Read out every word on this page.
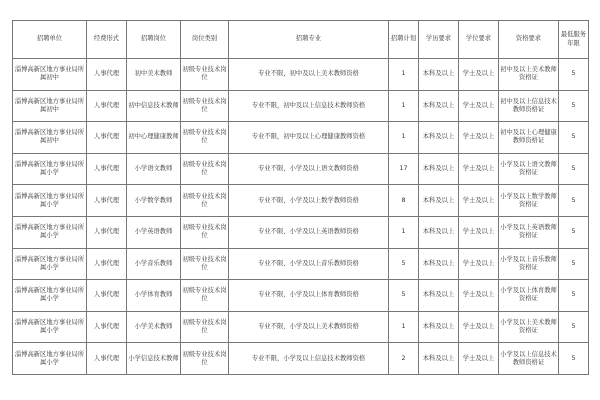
招聘单位	经费形式	招聘岗位	岗位类别	招聘专业	招聘计划	学历要求	学位要求	资格要求	最低服务年限
淄博高新区地方事业局所属初中	人事代理	初中美术教师	初级专业技术岗位	专业不限，初中及以上美术教师资格	1	本科及以上	学士及以上	初中及以上美术教师资格证	5
淄博高新区地方事业局所属初中	人事代理	初中信息技术教师	初级专业技术岗位	专业不限，初中及以上信息技术教师资格	1	本科及以上	学士及以上	初中及以上信息技术教师资格证	5
淄博高新区地方事业局所属初中	人事代理	初中心理健康教师	初级专业技术岗位	专业不限，初中及以上心理健康教师资格	1	本科及以上	学士及以上	初中及以上心理健康教师资格证	5
淄博高新区地方事业局所属小学	人事代理	小学语文教师	初级专业技术岗位	专业不限，小学及以上语文教师资格	17	本科及以上	学士及以上	小学及以上语文教师资格证	5
淄博高新区地方事业局所属小学	人事代理	小学数学教师	初级专业技术岗位	专业不限，小学及以上数学教师资格	8	本科及以上	学士及以上	小学及以上数学教师资格证	5
淄博高新区地方事业局所属小学	人事代理	小学英语教师	初级专业技术岗位	专业不限，小学及以上英语教师资格	1	本科及以上	学士及以上	小学及以上英语教师资格证	5
淄博高新区地方事业局所属小学	人事代理	小学音乐教师	初级专业技术岗位	专业不限，小学及以上音乐教师资格	5	本科及以上	学士及以上	小学及以上音乐教师资格证	5
淄博高新区地方事业局所属小学	人事代理	小学体育教师	初级专业技术岗位	专业不限，小学及以上体育教师资格	5	本科及以上	学士及以上	小学及以上体育教师资格证	5
淄博高新区地方事业局所属小学	人事代理	小学美术教师	初级专业技术岗位	专业不限，小学及以上美术教师资格	1	本科及以上	学士及以上	小学及以上美术教师资格证	5
淄博高新区地方事业局所属小学	人事代理	小学信息技术教师	初级专业技术岗位	专业不限，小学及以上信息技术教师资格	2	本科及以上	学士及以上	小学及以上信息技术教师资格证	5
